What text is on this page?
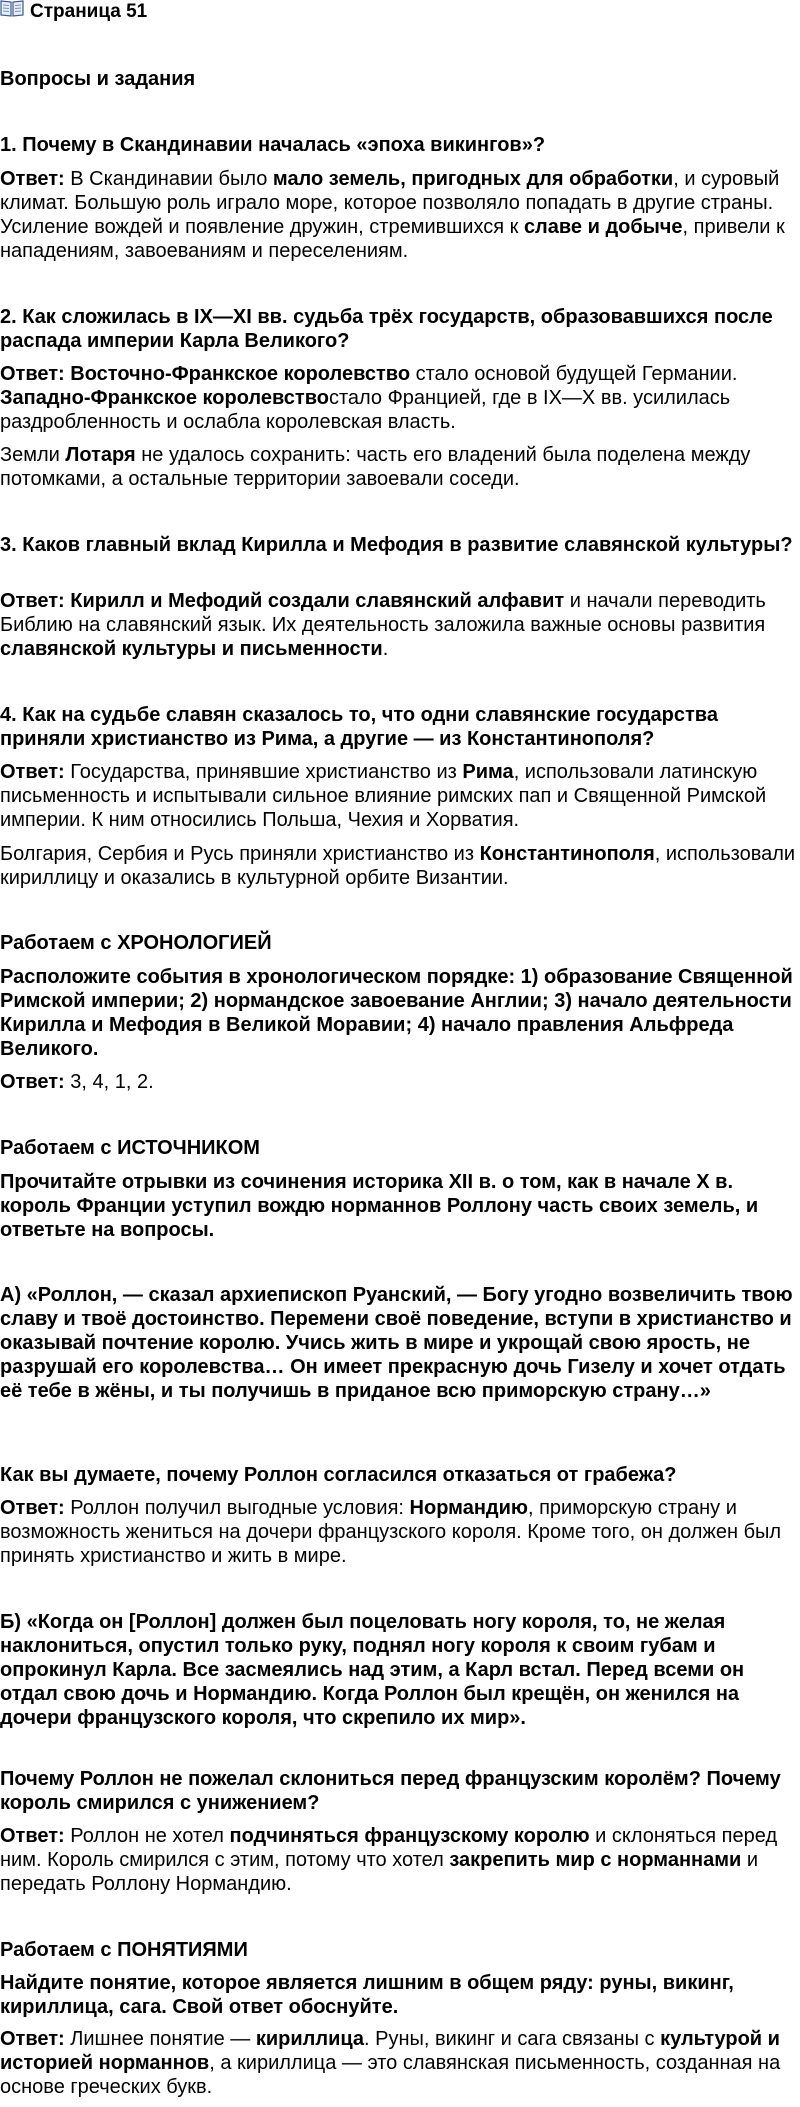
Страница 51
Вопросы и задания
1. Почему в Скандинавии началась «эпоха викингов»?

Ответ: В Скандинавии было мало земель, пригодных для обработки, и суровый климат. Большую роль играло море, которое позволяло попадать в другие страны. Усиление вождей и появление дружин, стремившихся к славе и добыче, привели к нападениям, завоеваниям и переселениям.

2. Как сложилась в IX—XI вв. судьба трёх государств, образовавшихся после распада империи Карла Великого?

Ответ: Восточно-Франкское королевство стало основой будущей Германии. Западно-Франкское королевствостало Францией, где в IX—X вв. усилилась раздробленность и ослабла королевская власть.

Земли Лотаря не удалось сохранить: часть его владений была поделена между потомками, а остальные территории завоевали соседи.

3. Каков главный вклад Кирилла и Мефодия в развитие славянской культуры?

Ответ: Кирилл и Мефодий создали славянский алфавит и начали переводить Библию на славянский язык. Их деятельность заложила важные основы развития славянской культуры и письменности.

4. Как на судьбе славян сказалось то, что одни славянские государства приняли христианство из Рима, а другие — из Константинополя?

Ответ: Государства, принявшие христианство из Рима, использовали латинскую письменность и испытывали сильное влияние римских пап и Священной Римской империи. К ним относились Польша, Чехия и Хорватия.

Болгария, Сербия и Русь приняли христианство из Константинополя, использовали кириллицу и оказались в культурной орбите Византии.

Работаем с ХРОНОЛОГИЕЙ
Расположите события в хронологическом порядке: 1) образование Священной Римской империи; 2) нормандское завоевание Англии; 3) начало деятельности Кирилла и Мефодия в Великой Моравии; 4) начало правления Альфреда Великого.

Ответ: 3, 4, 1, 2.

Работаем с ИСТОЧНИКОМ
Прочитайте отрывки из сочинения историка XII в. о том, как в начале X в. король Франции уступил вождю норманнов Роллону часть своих земель, и ответьте на вопросы.
А) «Роллон, — сказал архиепископ Руанский, — Богу угодно возвеличить твою славу и твоё достоинство. Перемени своё поведение, вступи в христианство и оказывай почтение королю. Учись жить в мире и укрощай свою ярость, не разрушай его королевства… Он имеет прекрасную дочь Гизелу и хочет отдать её тебе в жёны, и ты получишь в приданое всю приморскую страну…»
Как вы думаете, почему Роллон согласился отказаться от грабежа?

Ответ: Роллон получил выгодные условия: Нормандию, приморскую страну и возможность жениться на дочери французского короля. Кроме того, он должен был принять христианство и жить в мире.

Б) «Когда он [Роллон] должен был поцеловать ногу короля, то, не желая наклониться, опустил только руку, поднял ногу короля к своим губам и опрокинул Карла. Все засмеялись над этим, а Карл встал. Перед всеми он отдал свою дочь и Нормандию. Когда Роллон был крещён, он женился на дочери французского короля, что скрепило их мир».
Почему Роллон не пожелал склониться перед французским королём? Почему король смирился с унижением?

Ответ: Роллон не хотел подчиняться французскому королю и склоняться перед ним. Король смирился с этим, потому что хотел закрепить мир с норманнами и передать Роллону Нормандию.

Работаем с ПОНЯТИЯМИ
Найдите понятие, которое является лишним в общем ряду: руны, викинг, кириллица, сага. Свой ответ обоснуйте.

Ответ: Лишнее понятие — кириллица. Руны, викинг и сага связаны с культурой и историей норманнов, а кириллица — это славянская письменность, созданная на основе греческих букв.
